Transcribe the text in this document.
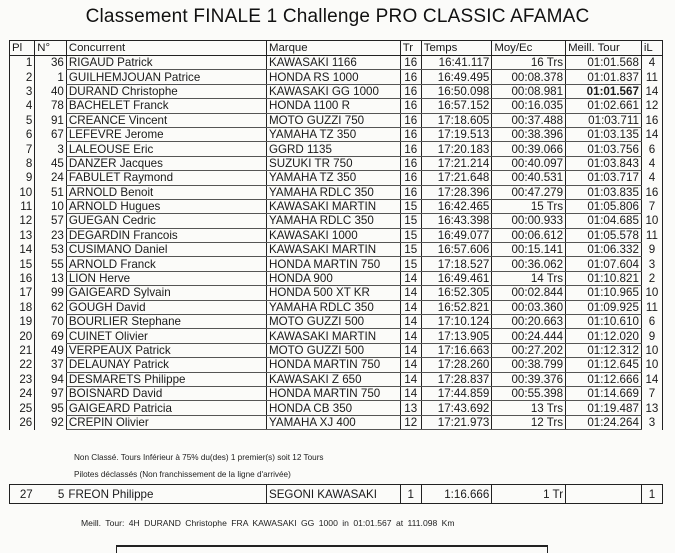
Classement FINALE 1 Challenge PRO CLASSIC AFAMAC
Pl	N°	Concurrent	Marque	Tr	Temps	Moy/Ec	Meill. Tour	iL
1	36	RIGAUD Patrick	KAWASAKI 1166	16	16:41.117	16 Trs	01:01.568	4
2	1	GUILHEMJOUAN Patrice	HONDA RS 1000	16	16:49.495	00:08.378	01:01.837	11
3	40	DURAND Christophe	KAWASAKI GG 1000	16	16:50.098	00:08.981	01:01.567	14
4	78	BACHELET Franck	HONDA 1100 R	16	16:57.152	00:16.035	01:02.661	12
5	91	CREANCE Vincent	MOTO GUZZI 750	16	17:18.605	00:37.488	01:03.711	16
6	67	LEFEVRE Jerome	YAMAHA TZ 350	16	17:19.513	00:38.396	01:03.135	14
7	3	LALEOUSE Eric	GGRD 1135	16	17:20.183	00:39.066	01:03.756	6
8	45	DANZER Jacques	SUZUKI TR 750	16	17:21.214	00:40.097	01:03.843	4
9	24	FABULET Raymond	YAMAHA TZ 350	16	17:21.648	00:40.531	01:03.717	4
10	51	ARNOLD Benoit	YAMAHA RDLC 350	16	17:28.396	00:47.279	01:03.835	16
11	10	ARNOLD Hugues	KAWASAKI MARTIN	15	16:42.465	15 Trs	01:05.806	7
12	57	GUEGAN Cedric	YAMAHA RDLC 350	15	16:43.398	00:00.933	01:04.685	10
13	23	DEGARDIN Francois	KAWASAKI 1000	15	16:49.077	00:06.612	01:05.578	11
14	53	CUSIMANO Daniel	KAWASAKI MARTIN	15	16:57.606	00:15.141	01:06.332	9
15	55	ARNOLD Franck	HONDA MARTIN 750	15	17:18.527	00:36.062	01:07.604	3
16	13	LION Herve	HONDA 900	14	16:49.461	14 Trs	01:10.821	2
17	99	GAIGEARD Sylvain	HONDA 500 XT KR	14	16:52.305	00:02.844	01:10.965	10
18	62	GOUGH David	YAMAHA RDLC 350	14	16:52.821	00:03.360	01:09.925	11
19	70	BOURLIER Stephane	MOTO GUZZI 500	14	17:10.124	00:20.663	01:10.610	6
20	69	CUINET Olivier	KAWASAKI MARTIN	14	17:13.905	00:24.444	01:12.020	9
21	49	VERPEAUX Patrick	MOTO GUZZI 500	14	17:16.663	00:27.202	01:12.312	10
22	37	DELAUNAY Patrick	HONDA MARTIN 750	14	17:28.260	00:38.799	01:12.645	10
23	94	DESMARETS Philippe	KAWASAKI Z 650	14	17:28.837	00:39.376	01:12.666	14
24	97	BOISNARD David	HONDA MARTIN 750	14	17:44.859	00:55.398	01:14.669	7
25	95	GAIGEARD Patricia	HONDA CB 350	13	17:43.692	13 Trs	01:19.487	13
26	92	CREPIN Olivier	YAMAHA XJ 400	12	17:21.973	12 Trs	01:24.264	3
Non Classé. Tours Inférieur à 75% du(des) 1 premier(s) soit 12 Tours
Pilotes déclassés (Non franchissement de la ligne d'arrivée)
27	5	FREON Philippe	SEGONI KAWASAKI	1	1:16.666	1 Tr		1
Meill. Tour: 4H DURAND Christophe FRA KAWASAKI GG 1000 in 01:01.567 at 111.098 Km
